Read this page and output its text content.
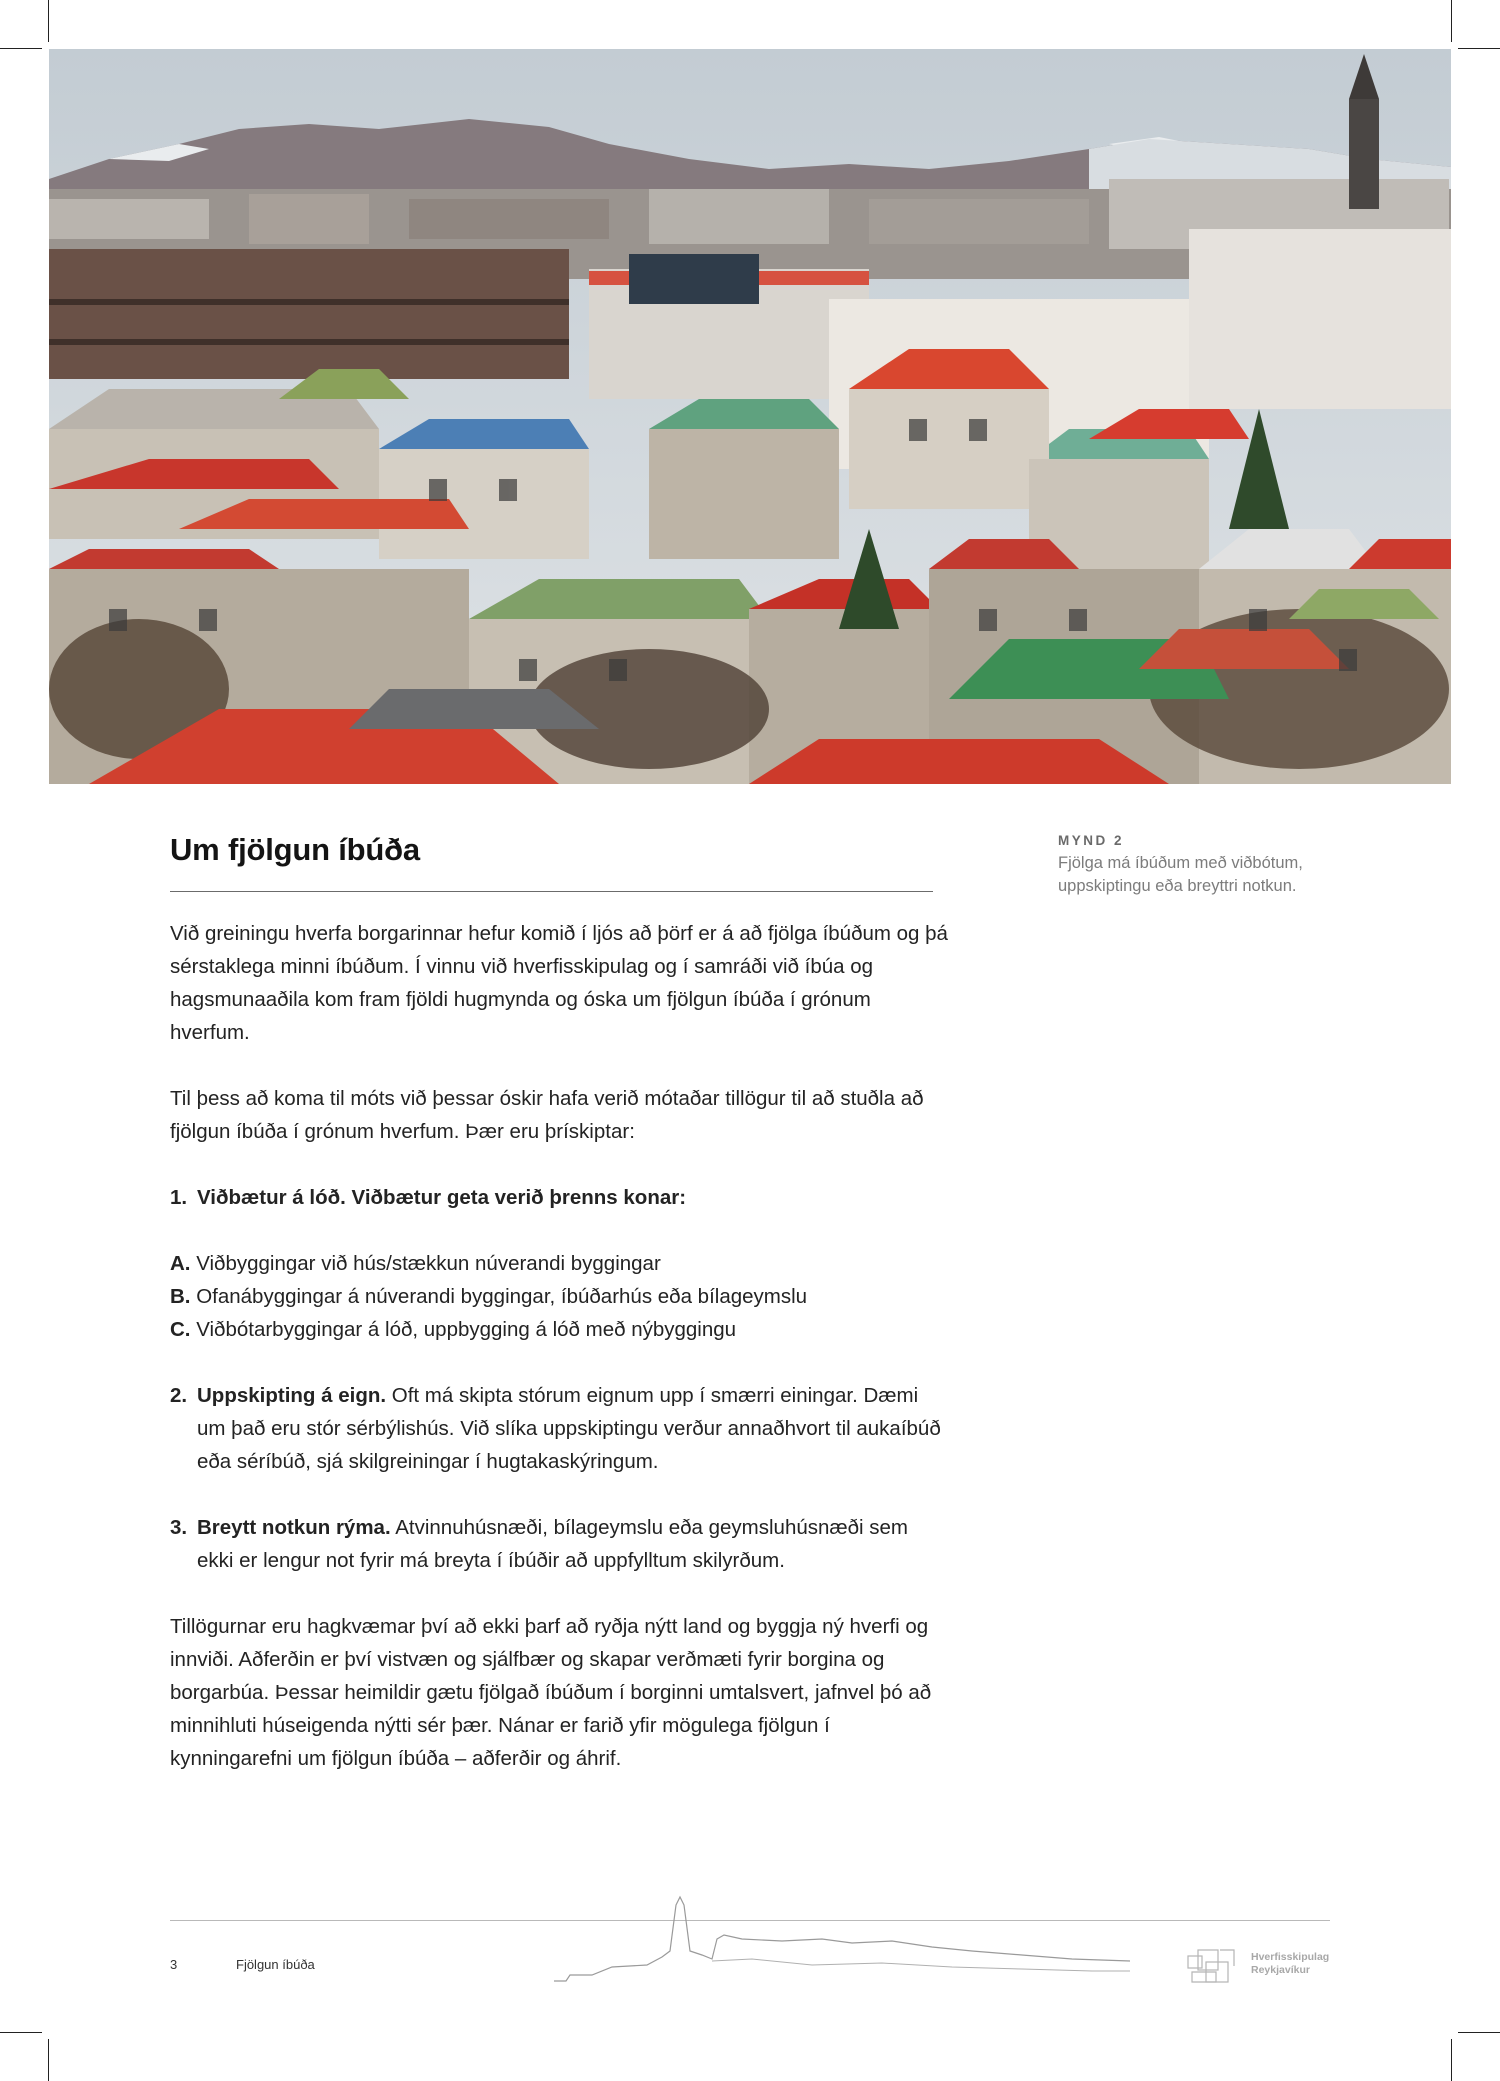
MYND 2
Fjölga má íbúðum með viðbótum, uppskiptingu eða breyttri notkun.
Um fjölgun íbúða

Við greiningu hverfa borgarinnar hefur komið í ljós að þörf er á að fjölga íbúðum og þá sérstaklega minni íbúðum. Í vinnu við hverfisskipulag og í samráði við íbúa og hagsmunaaðila kom fram fjöldi hugmynda og óska um fjölgun íbúða í grónum hverfum.

Til þess að koma til móts við þessar óskir hafa verið mótaðar tillögur til að stuðla að fjölgun íbúða í grónum hverfum. Þær eru þrískiptar:

1. Viðbætur á lóð. Viðbætur geta verið þrenns konar:
A. Viðbyggingar við hús/stækkun núverandi byggingar
B. Ofanábyggingar á núverandi byggingar, íbúðarhús eða bílageymslu
C. Viðbótarbyggingar á lóð, uppbygging á lóð með nýbyggingu
2. Uppskipting á eign. Oft má skipta stórum eignum upp í smærri einingar. Dæmi um það eru stór sérbýlishús. Við slíka uppskiptingu verður annaðhvort til aukaíbúð eða séríbúð, sjá skilgreiningar í hugtakaskýringum.
3. Breytt notkun rýma. Atvinnuhúsnæði, bílageymslu eða geymsluhúsnæði sem ekki er lengur not fyrir má breyta í íbúðir að uppfylltum skilyrðum.

Tillögurnar eru hagkvæmar því að ekki þarf að ryðja nýtt land og byggja ný hverfi og innviði. Aðferðin er því vistvæn og sjálfbær og skapar verðmæti fyrir borgina og borgarbúa. Þessar heimildir gætu fjölgað íbúðum í borginni umtalsvert, jafnvel þó að minnihluti húseigenda nýtti sér þær. Nánar er farið yfir mögulega fjölgun í kynningarefni um fjölgun íbúða – aðferðir og áhrif.

3	Fjölgun íbúða	Hverfisskipulag
Reykjavíkur
